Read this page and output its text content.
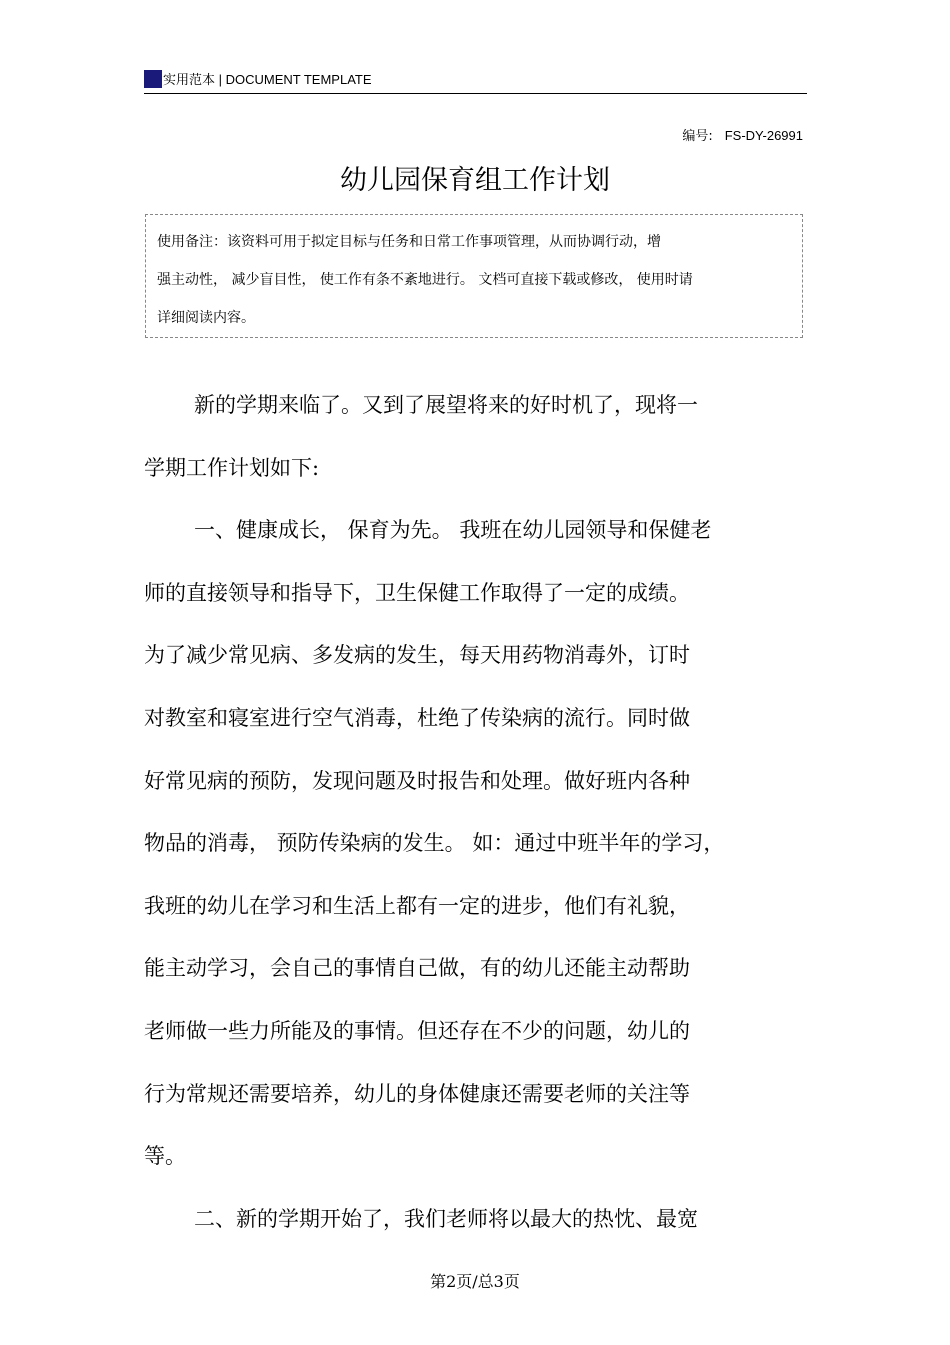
实用范本 | DOCUMENT TEMPLATE
编号: FS-DY-26991
幼儿园保育组工作计划
使用备注：该资料可用于拟定目标与任务和日常工作事项管理，从而协调行动，增
强主动性， 减少盲目性， 使工作有条不紊地进行。 文档可直接下载或修改， 使用时请
详细阅读内容。
新的学期来临了。又到了展望将来的好时机了，现将一
学期工作计划如下:
一、健康成长， 保育为先。 我班在幼儿园领导和保健老
师的直接领导和指导下，卫生保健工作取得了一定的成绩。
为了减少常见病、多发病的发生，每天用药物消毒外，订时
对教室和寝室进行空气消毒，杜绝了传染病的流行。同时做
好常见病的预防，发现问题及时报告和处理。做好班内各种
物品的消毒， 预防传染病的发生。 如：通过中班半年的学习，
我班的幼儿在学习和生活上都有一定的进步，他们有礼貌，
能主动学习，会自己的事情自己做，有的幼儿还能主动帮助
老师做一些力所能及的事情。但还存在不少的问题，幼儿的
行为常规还需要培养，幼儿的身体健康还需要老师的关注等
等。
二、新的学期开始了，我们老师将以最大的热忱、最宽
第2页/总3页
